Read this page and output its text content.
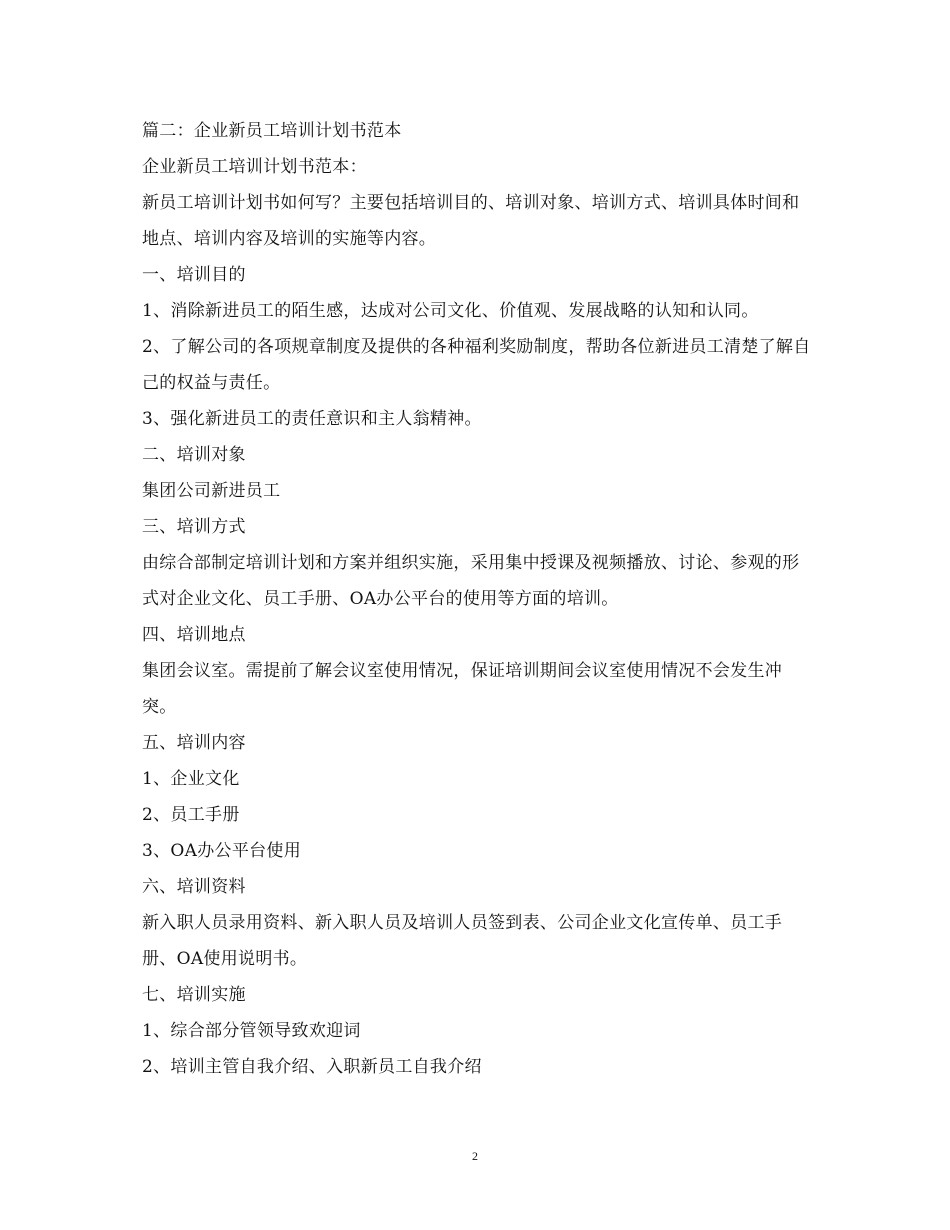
篇二：企业新员工培训计划书范本

企业新员工培训计划书范本：

新员工培训计划书如何写？主要包括培训目的、培训对象、培训方式、培训具体时间和地点、培训内容及培训的实施等内容。

一、培训目的

1、消除新进员工的陌生感，达成对公司文化、价值观、发展战略的认知和认同。

2、了解公司的各项规章制度及提供的各种福利奖励制度，帮助各位新进员工清楚了解自己的权益与责任。

3、强化新进员工的责任意识和主人翁精神。

二、培训对象

集团公司新进员工

三、培训方式

由综合部制定培训计划和方案并组织实施，采用集中授课及视频播放、讨论、参观的形式对企业文化、员工手册、OA办公平台的使用等方面的培训。

四、培训地点

集团会议室。需提前了解会议室使用情况，保证培训期间会议室使用情况不会发生冲突。

五、培训内容

1、企业文化

2、员工手册

3、OA办公平台使用

六、培训资料

新入职人员录用资料、新入职人员及培训人员签到表、公司企业文化宣传单、员工手册、OA使用说明书。

七、培训实施

1、综合部分管领导致欢迎词

2、培训主管自我介绍、入职新员工自我介绍

2
